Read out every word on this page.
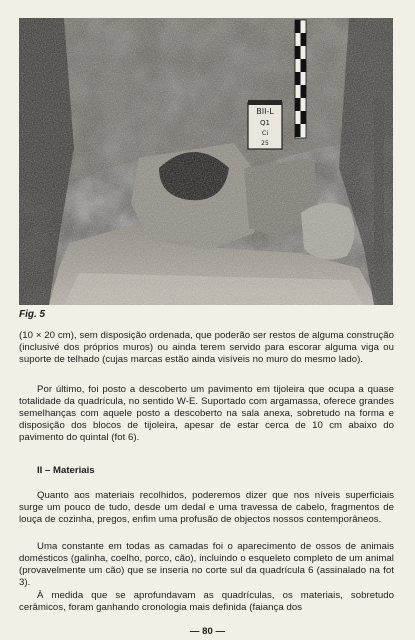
BII-L
Q1
Ci
25
Fig. 5

(10 × 20 cm), sem disposição ordenada, que poderão ser restos de alguma construção (inclusivé dos próprios muros) ou ainda terem servido para escorar alguma viga ou suporte de telhado (cujas marcas estão ainda visíveis no muro do mesmo lado).

Por último, foi posto a descoberto um pavimento em tijoleira que ocupa a quase totalidade da quadrícula, no sentido W-E. Suportado com argamassa, oferece grandes semelhanças com aquele posto a descoberto na sala anexa, sobretudo na forma e disposição dos blocos de tijoleira, apesar de estar cerca de 10 cm abaixo do pavimento do quintal (fot 6).

II – Materiais

Quanto aos materiais recolhidos, poderemos dizer que nos níveis superficiais surge um pouco de tudo, desde um dedal e uma travessa de cabelo, fragmentos de louça de cozinha, pregos, enfim uma profusão de objectos nossos contemporâneos.

Uma constante em todas as camadas foi o aparecimento de ossos de animais domésticos (galinha, coelho, porco, cão), incluindo o esqueleto completo de um animal (provavelmente um cão) que se inseria no corte sul da quadrícula 6 (assinalado na fot 3).

À medida que se aprofundavam as quadrículas, os materiais, sobretudo cerâmicos, foram ganhando cronologia mais definida (faiança dos

— 80 —
